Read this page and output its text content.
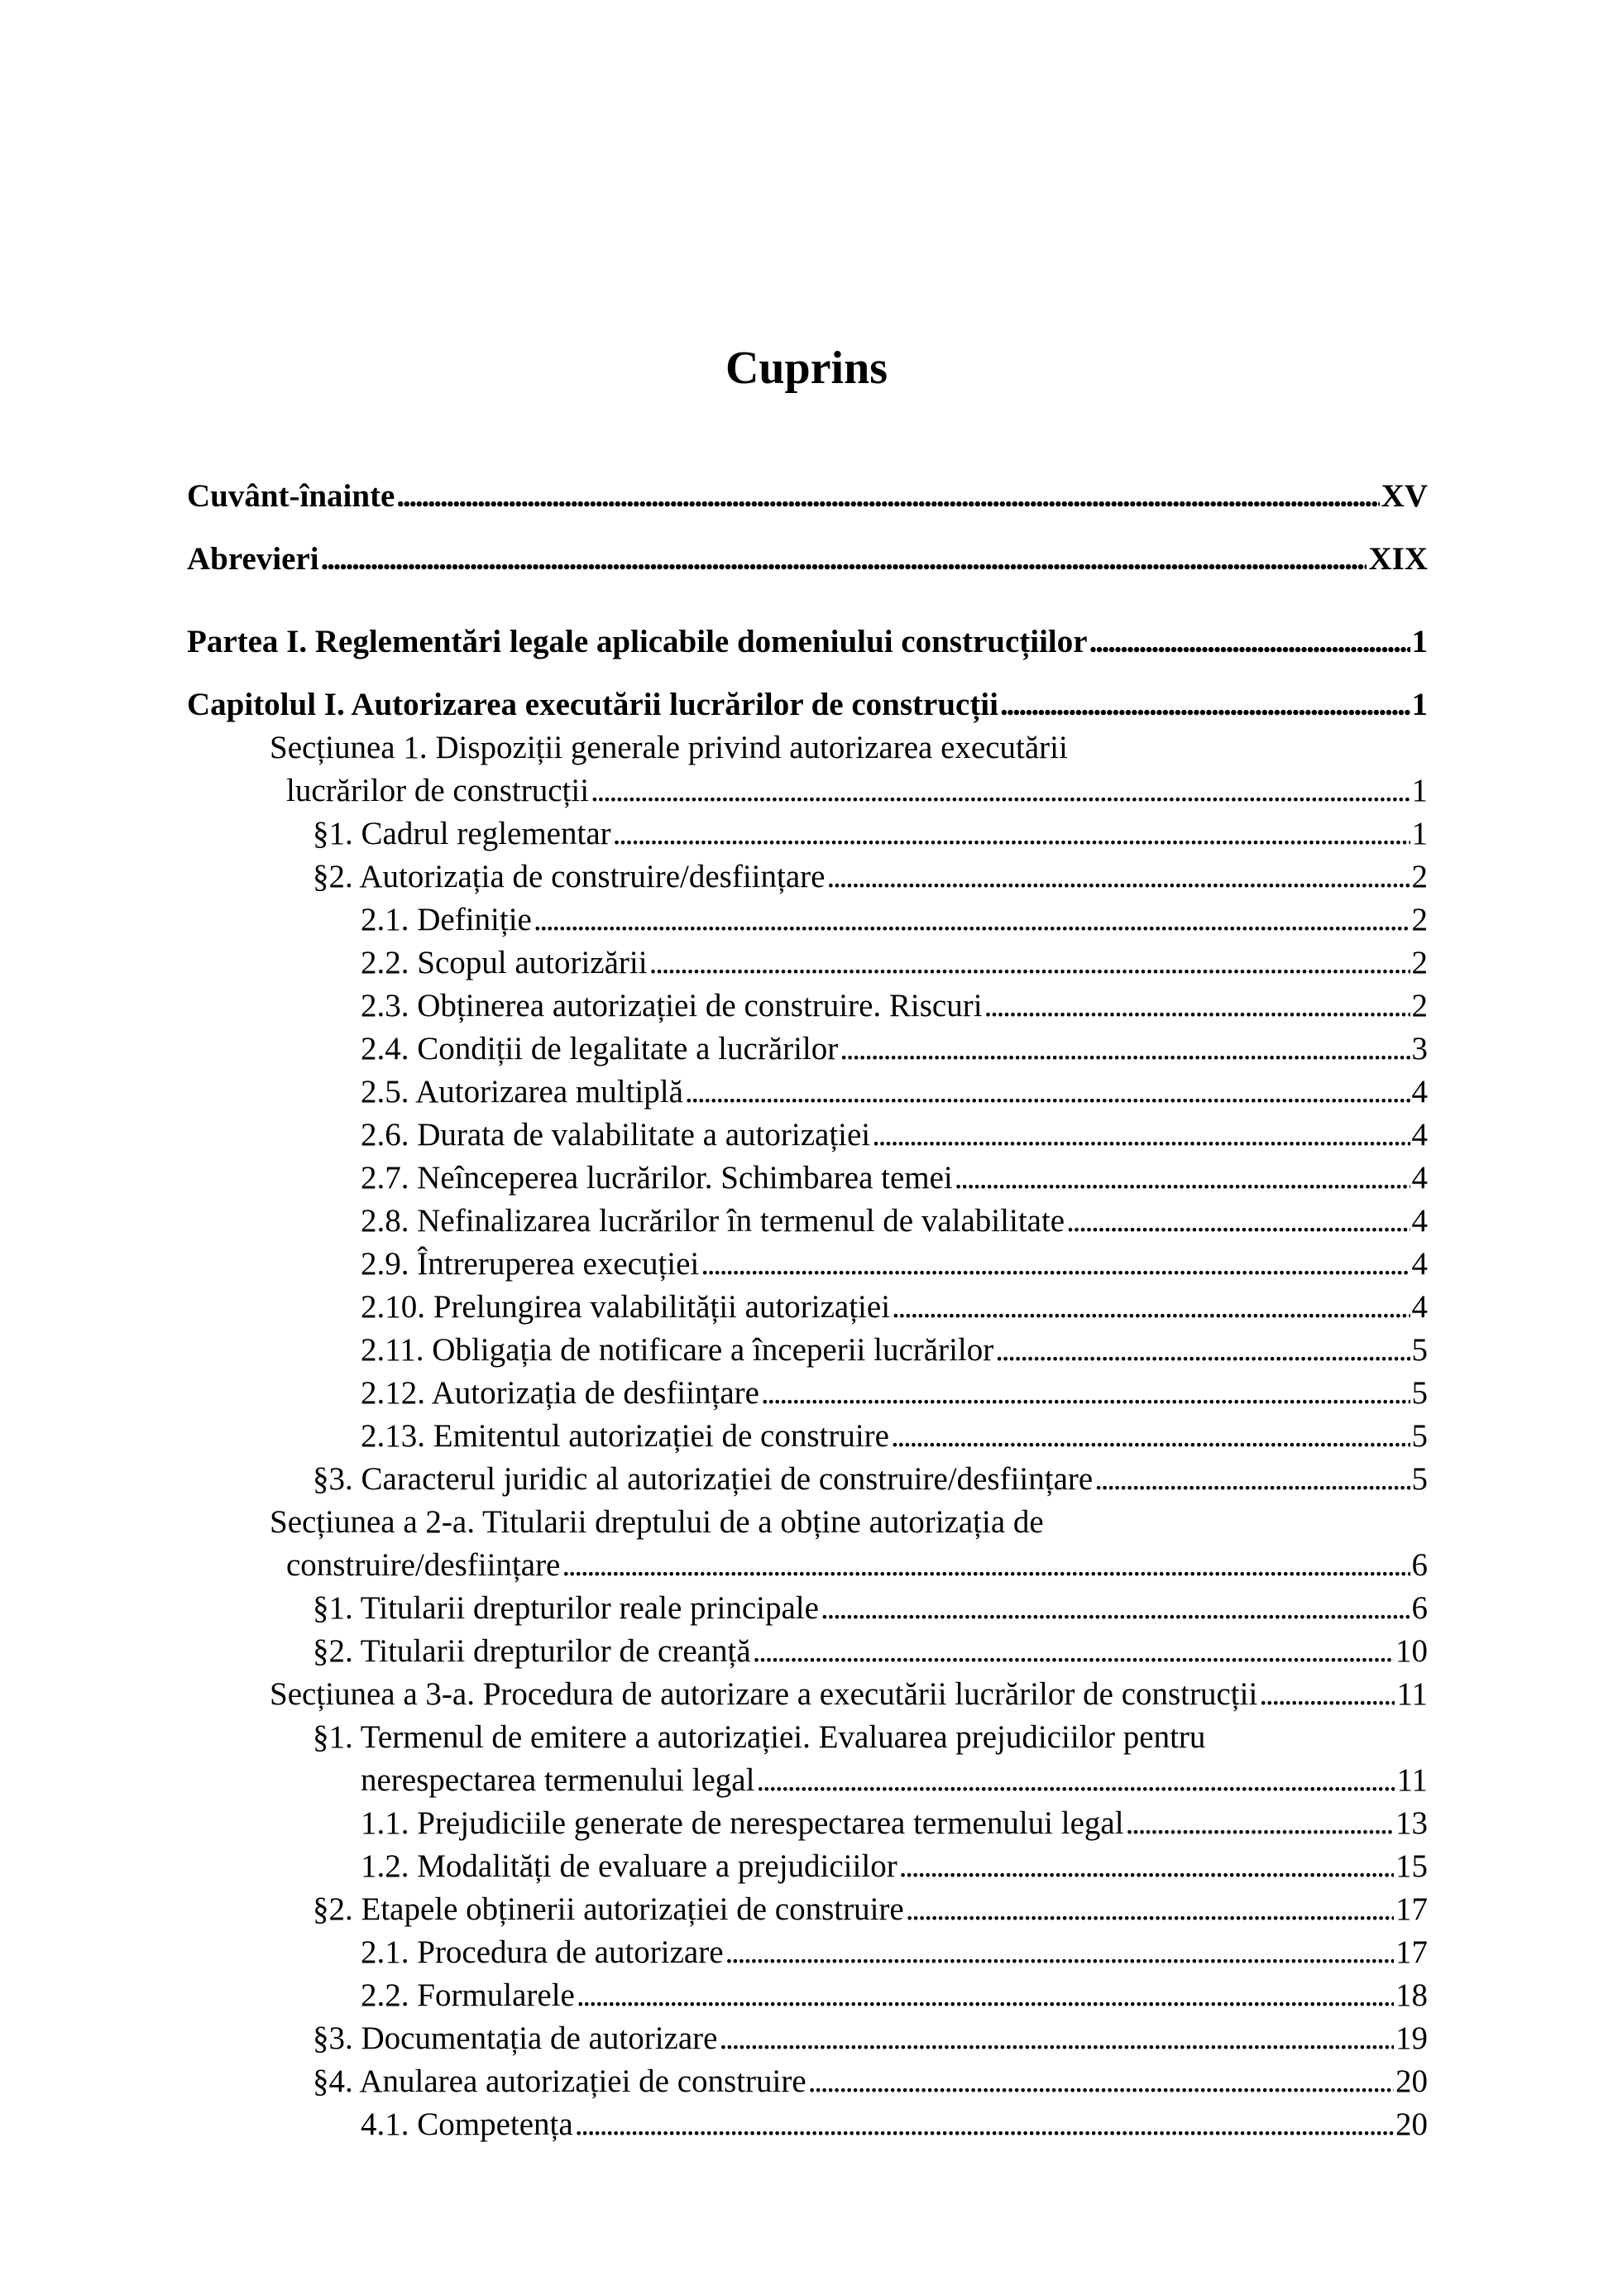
Cuprins
Cuvânt-înainte . . .	XV
Abrevieri . . .	XIX
Partea I. Reglementări legale aplicabile domeniului construcțiilor . . .	1
Capitolul I. Autorizarea executării lucrărilor de construcții . . .	1
Secțiunea 1. Dispoziții generale privind autorizarea executării
lucrărilor de construcții . . .	1
§1. Cadrul reglementar . . .	1
§2. Autorizația de construire/desființare . . .	2
2.1. Definiție . . .	2
2.2. Scopul autorizării . . .	2
2.3. Obținerea autorizației de construire. Riscuri . . .	2
2.4. Condiții de legalitate a lucrărilor . . .	3
2.5. Autorizarea multiplă . . .	4
2.6. Durata de valabilitate a autorizației . . .	4
2.7. Neînceperea lucrărilor. Schimbarea temei . . .	4
2.8. Nefinalizarea lucrărilor în termenul de valabilitate . . .	4
2.9. Întreruperea execuției . . .	4
2.10. Prelungirea valabilității autorizației . . .	4
2.11. Obligația de notificare a începerii lucrărilor . . .	5
2.12. Autorizația de desființare . . .	5
2.13. Emitentul autorizației de construire . . .	5
§3. Caracterul juridic al autorizației de construire/desființare . . .	5
Secțiunea a 2-a. Titularii dreptului de a obține autorizația de
construire/desființare . . .	6
§1. Titularii drepturilor reale principale . . .	6
§2. Titularii drepturilor de creanță . . .	10
Secțiunea a 3-a. Procedura de autorizare a executării lucrărilor de construcții . . .	11
§1. Termenul de emitere a autorizației. Evaluarea prejudiciilor pentru
nerespectarea termenului legal . . .	11
1.1. Prejudiciile generate de nerespectarea termenului legal . . .	13
1.2. Modalități de evaluare a prejudiciilor . . .	15
§2. Etapele obținerii autorizației de construire . . .	17
2.1. Procedura de autorizare . . .	17
2.2. Formularele . . .	18
§3. Documentația de autorizare . . .	19
§4. Anularea autorizației de construire . . .	20
4.1. Competența . . .	20
